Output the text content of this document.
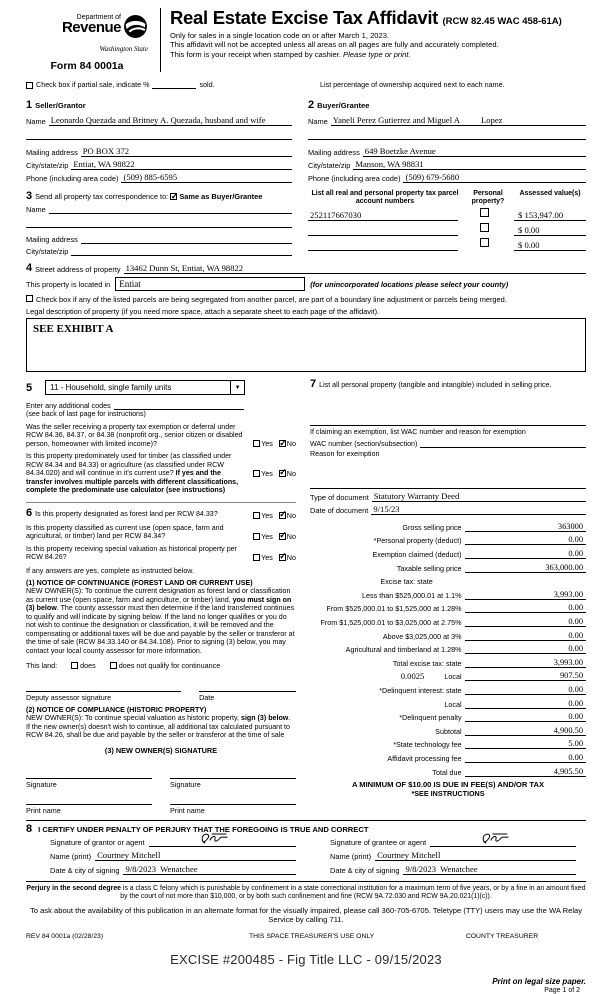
Department of
Revenue
Washington State
Form 84 0001a
Real Estate Excise Tax Affidavit (RCW 82.45 WAC 458-61A)
Only for sales in a single location code on or after March 1, 2023.
This affidavit will not be accepted unless all areas on all pages are fully and accurately completed.
This form is your receipt when stamped by cashier. Please type or print.
Check box if partial sale, indicate %	sold.	List percentage of ownership acquired next to each name.
1 Seller/Grantor
Name Leonardo Quezada and Britney A. Quezada, husband and wife
Mailing address PO BOX 372
City/state/zip Entiat, WA 98822
Phone (including area code) (509) 885-6595
2 Buyer/Grantee
Name Yaneli Perez Gutierrez and Miguel A          Lopez
Mailing address 649 Boetzke Avenue
City/state/zip Manson, WA 98831
Phone (including area code) (509) 679-5680
3 Send all property tax correspondence to: ✓ Same as Buyer/Grantee
Name
Mailing address
City/state/zip
List all real and personal property tax parcel account numbers
Personal property?
Assessed value(s)
252117667030	$ 153,947.00
$ 0.00
$ 0.00
4 Street address of property 13462 Dunn St, Entiat, WA 98822
This property is located in	Entiat	(for unincorporated locations please select your county)
Check box if any of the listed parcels are being segregated from another parcel, are part of a boundary line adjustment or parcels being merged.
Legal description of property (if you need more space, attach a separate sheet to each page of the affidavit).
SEE EXHIBIT A
5	11 - Household, single family units	▼
Enter any additional codes
(see back of last page for instructions)
Was the seller receiving a property tax exemption or deferral under RCW 84.36, 84.37, or 84.38 (nonprofit org., senior citizen or disabled person, homeowner with limited income)?	Yes ✓ No
Is this property predominately used for timber (as classified under RCW 84.34 and 84.33) or agriculture (as classified under RCW 84.34.020) and will continue in it's current use? If yes and the transfer involves multiple parcels with different classifications, complete the predominate use calculator (see instructions)
Yes ✓ No
6 Is this property designated as forest land per RCW 84.33?	Yes ✓ No
Is this property classified as current use (open space, farm and agricultural, or timber) land per RCW 84.34?	Yes ✓ No
Is this property receiving special valuation as historical property per RCW 84.26?	Yes ✓ No
If any answers are yes, complete as instructed below.
(1) NOTICE OF CONTINUANCE (FOREST LAND OR CURRENT USE)
NEW OWNER(S): To continue the current designation as forest land or classification as current use (open space, farm and agriculture, or timber) land, you must sign on (3) below. The county assessor must then determine if the land transferred continues to qualify and will indicate by signing below. If the land no longer qualifies or you do not wish to continue the designation or classification, it will be removed and the compensating or additional taxes will be due and payable by the seller or transferor at the time of sale (RCW 84.33.140 or 84.34.108). Prior to signing (3) below, you may contact your local county assessor for more information.
This land:	does	does not qualify for continuance
Deputy assessor signature	Date
(2) NOTICE OF COMPLIANCE (HISTORIC PROPERTY)
NEW OWNER(S): To continue special valuation as historic property, sign (3) below. If the new owner(s) doesn't wish to continue, all additional tax calculated pursuant to RCW 84.26, shall be due and payable by the seller or transferor at the time of sale
(3) NEW OWNER(S) SIGNATURE
Signature	Signature
Print name	Print name
7 List all personal property (tangible and intangible) included in selling price.
If claiming an exemption, list WAC number and reason for exemption
WAC number (section/subsection)
Reason for exemption
Type of document Statutory Warranty Deed
Date of document 9/15/23
Gross selling price	363000
*Personal property (deduct)	0.00
Exemption claimed (deduct)	0.00
Taxable selling price	363,000.00
Excise tax: state
Less than $525,000.01 at 1.1%	3,993.00
From $525,000.01 to $1,525,000 at 1.28%	0.00
From $1,525,000.01 to $3,025,000 at 2.75%	0.00
Above $3,025,000 at 3%	0.00
Agricultural and timberland at 1.28%	0.00
Total excise tax: state	3,993.00
0.0025	Local	907.50
*Delinquent interest: state	0.00
Local	0.00
*Delinquent penalty	0.00
Subtotal	4,900.50
*State technology fee	5.00
Affidavit processing fee	0.00
Total due	4,905.50
A MINIMUM OF $10.00 IS DUE IN FEE(S) AND/OR TAX
*SEE INSTRUCTIONS
8 I CERTIFY UNDER PENALTY OF PERJURY THAT THE FOREGOING IS TRUE AND CORRECT
Signature of grantor or agent
Name (print) Courtney Mitchell
Date & city of signing 9/8/2023  Wenatchee
Signature of grantee or agent
Name (print) Courtney Mitchell
Date & city of signing 9/8/2023  Wenatchee
Perjury in the second degree is a class C felony which is punishable by confinement in a state correctional institution for a maximum term of five years, or by a fine in an amount fixed by the court of not more than $10,000, or by both such confinement and fine (RCW 9A.72.030 and RCW 9A.20.021(1)(c)).
To ask about the availability of this publication in an alternate format for the visually impaired, please call 360-705-6705. Teletype (TTY) users may use the WA Relay Service by calling 711.
REV 84 0001a (02/28/23)	THIS SPACE TREASURER'S USE ONLY	COUNTY TREASURER
EXCISE #200485 - Fig Title LLC - 09/15/2023
Print on legal size paper.
Page 1 of 2
